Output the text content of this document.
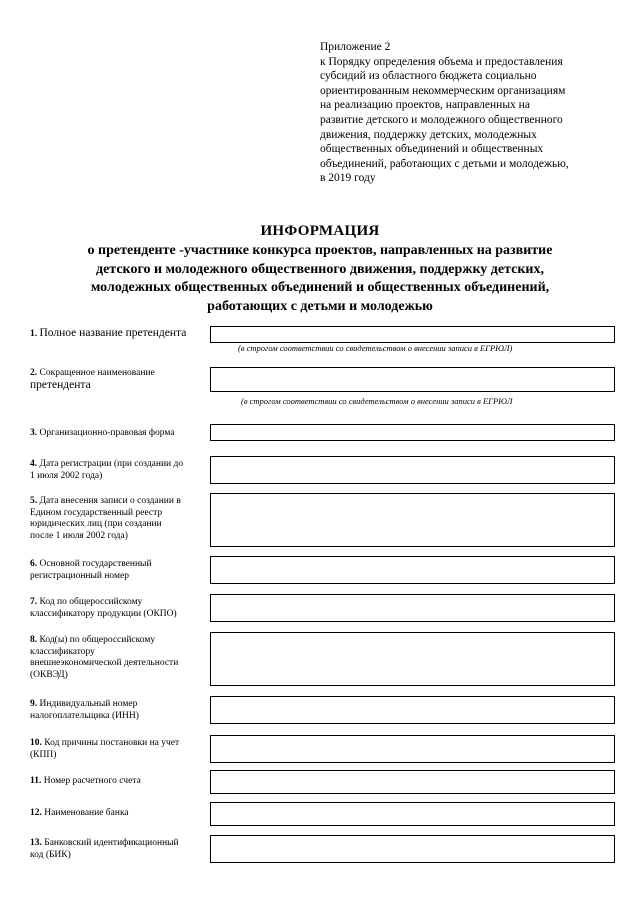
Приложение 2
к Порядку определения объема и предоставления
субсидий из областного бюджета социально
ориентированным некоммерческим организациям
на реализацию проектов, направленных на
развитие детского и молодежного общественного
движения, поддержку детских, молодежных
общественных объединений и общественных
объединений, работающих с детьми и молодежью,
в 2019 году
ИНФОРМАЦИЯ
о претенденте -участнике конкурса проектов, направленных на развитие
детского и молодежного общественного движения, поддержку детских,
молодежных общественных объединений и общественных объединений,
работающих с детьми и молодежью
1. Полное название претендента
(в строгом соответствии со свидетельством о внесении записи в ЕГРЮЛ)
2. Сокращенное наименование
претендента
(в строгом соответствии со свидетельством о внесении записи в ЕГРЮЛ
3. Организационно-правовая форма
4. Дата регистрации (при создании до
1 июля 2002 года)
5. Дата внесения записи о создании в
Едином государственный реестр
юридических лиц (при создании
после 1 июля 2002 года)
6. Основной государственный
регистрационный номер
7. Код по общероссийскому
классификатору продукции (ОКПО)
8. Код(ы) по общероссийскому
классификатору
внешнеэкономической деятельности
(ОКВЭД)
9. Индивидуальный номер
налогоплательщика (ИНН)
10. Код причины постановки на учет
(КПП)
11. Номер расчетного счета
12. Наименование банка
13. Банковский идентификационный
код (БИК)
